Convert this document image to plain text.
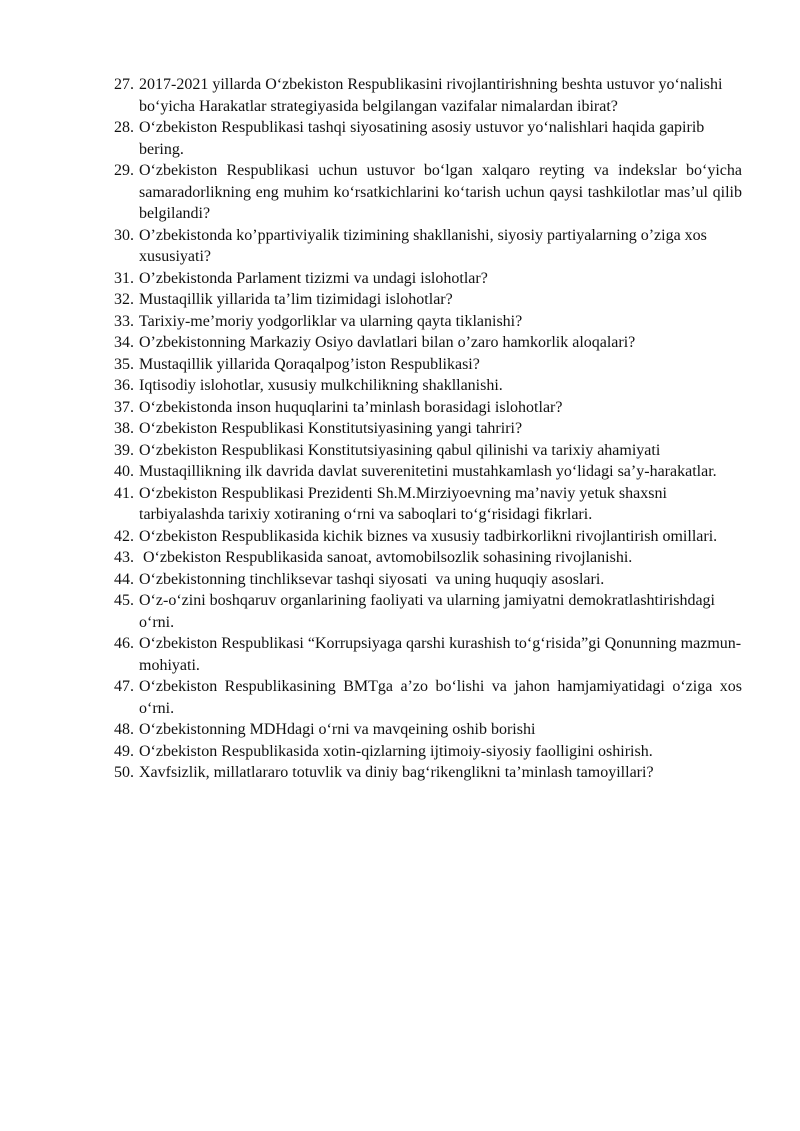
27. 2017-2021 yillarda O‘zbekiston Respublikasini rivojlantirishning beshta ustuvor yo‘nalishi bo‘yicha Harakatlar strategiyasida belgilangan vazifalar nimalardan ibirat?
28. O‘zbekiston Respublikasi tashqi siyosatining asosiy ustuvor yo‘nalishlari haqida gapirib bering.
29. O‘zbekiston Respublikasi uchun ustuvor bo‘lgan xalqaro reyting va indekslar bo‘yicha samaradorlikning eng muhim ko‘rsatkichlarini ko‘tarish uchun qaysi tashkilotlar mas’ul qilib belgilandi?
30. O’zbekistonda ko’ppartiviyalik tizimining shakllanishi, siyosiy partiyalarning o’ziga xos xususiyati?
31. O’zbekistonda Parlament tizizmi va undagi islohotlar?
32. Mustaqillik yillarida ta’lim tizimidagi islohotlar?
33. Tarixiy-me’moriy yodgorliklar va ularning qayta tiklanishi?
34. O’zbekistonning Markaziy Osiyo davlatlari bilan o’zaro hamkorlik aloqalari?
35. Mustaqillik yillarida Qoraqalpog’iston Respublikasi?
36. Iqtisodiy islohotlar, xususiy mulkchilikning shakllanishi.
37. O‘zbekistonda inson huquqlarini ta’minlash borasidagi islohotlar?
38. O‘zbekiston Respublikasi Konstitutsiyasining yangi tahriri?
39. O‘zbekiston Respublikasi Konstitutsiyasining qabul qilinishi va tarixiy ahamiyati
40. Mustaqillikning ilk davrida davlat suverenitetini mustahkamlash yo‘lidagi sa’y-harakatlar.
41. O‘zbekiston Respublikasi Prezidenti Sh.M.Mirziyoevning ma’naviy yetuk shaxsni tarbiyalashda tarixiy xotiraning o‘rni va saboqlari to‘g‘risidagi fikrlari.
42. O‘zbekiston Respublikasida kichik biznes va xususiy tadbirkorlikni rivojlantirish omillari.
43. O‘zbekiston Respublikasida sanoat, avtomobilsozlik sohasining rivojlanishi.
44. O‘zbekistonning tinchliksevar tashqi siyosati  va uning huquqiy asoslari.
45. O‘z-o‘zini boshqaruv organlarining faoliyati va ularning jamiyatni demokratlashtirishdagi o‘rni.
46. O‘zbekiston Respublikasi “Korrupsiyaga qarshi kurashish to‘g‘risida”gi Qonunning mazmun-mohiyati.
47. O‘zbekiston Respublikasining BMTga a’zo bo‘lishi va jahon hamjamiyatidagi o‘ziga xos o‘rni.
48. O‘zbekistonning MDHdagi o‘rni va mavqeining oshib borishi
49. O‘zbekiston Respublikasida xotin-qizlarning ijtimoiy-siyosiy faolligini oshirish.
50. Xavfsizlik, millatlararo totuvlik va diniy bag‘rikenglikni ta’minlash tamoyillari?
